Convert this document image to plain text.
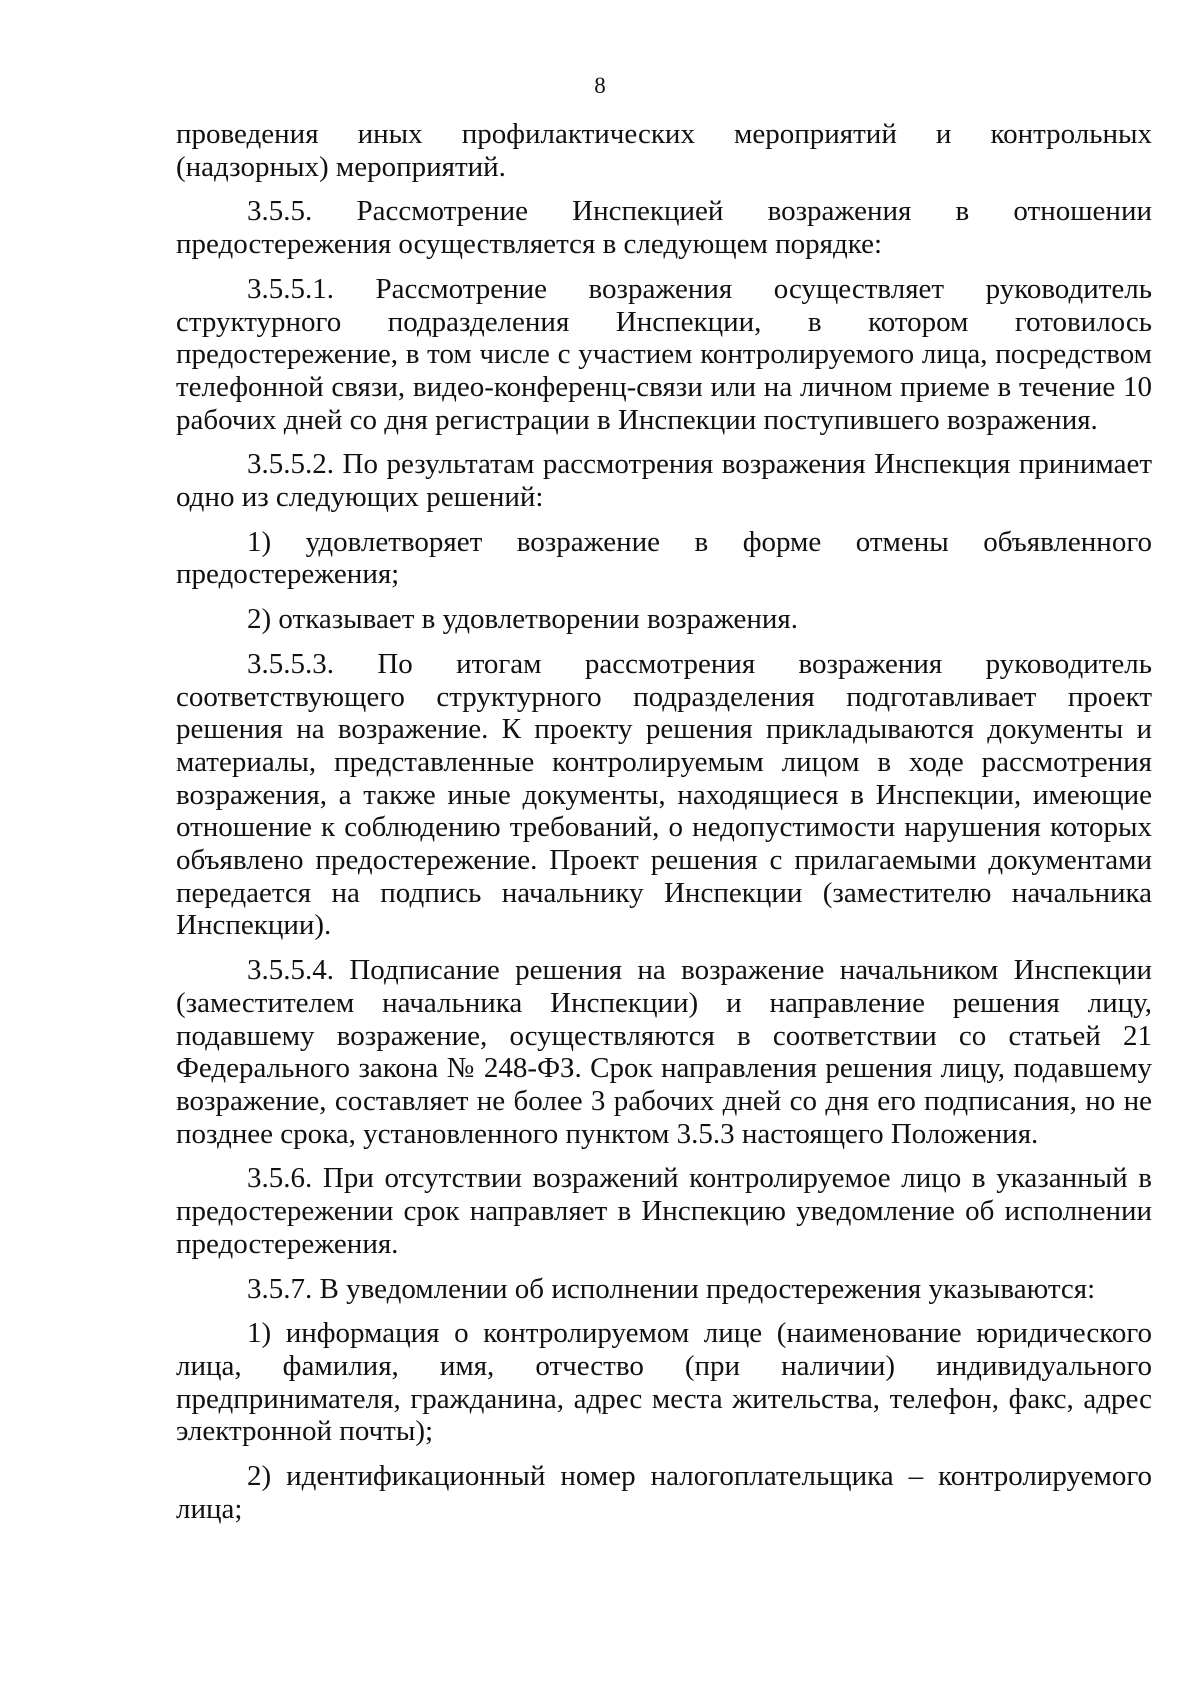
8

проведения иных профилактических мероприятий и контрольных (надзорных) мероприятий.

3.5.5. Рассмотрение Инспекцией возражения в отношении предостережения осуществляется в следующем порядке:

3.5.5.1. Рассмотрение возражения осуществляет руководитель структурного подразделения Инспекции, в котором готовилось предостережение, в том числе с участием контролируемого лица, посредством телефонной связи, видео-конференц-связи или на личном приеме в течение 10 рабочих дней со дня регистрации в Инспекции поступившего возражения.

3.5.5.2. По результатам рассмотрения возражения Инспекция принимает одно из следующих решений:

1) удовлетворяет возражение в форме отмены объявленного предостережения;

2) отказывает в удовлетворении возражения.

3.5.5.3. По итогам рассмотрения возражения руководитель соответствующего структурного подразделения подготавливает проект решения на возражение. К проекту решения прикладываются документы и материалы, представленные контролируемым лицом в ходе рассмотрения возражения, а также иные документы, находящиеся в Инспекции, имеющие отношение к соблюдению требований, о недопустимости нарушения которых объявлено предостережение. Проект решения с прилагаемыми документами передается на подпись начальнику Инспекции (заместителю начальника Инспекции).

3.5.5.4. Подписание решения на возражение начальником Инспекции (заместителем начальника Инспекции) и направление решения лицу, подавшему возражение, осуществляются в соответствии со статьей 21 Федерального закона № 248-ФЗ. Срок направления решения лицу, подавшему возражение, составляет не более 3 рабочих дней со дня его подписания, но не позднее срока, установленного пунктом 3.5.3 настоящего Положения.

3.5.6. При отсутствии возражений контролируемое лицо в указанный в предостережении срок направляет в Инспекцию уведомление об исполнении предостережения.

3.5.7. В уведомлении об исполнении предостережения указываются:

1) информация о контролируемом лице (наименование юридического лица, фамилия, имя, отчество (при наличии) индивидуального предпринимателя, гражданина, адрес места жительства, телефон, факс, адрес электронной почты);

2) идентификационный номер налогоплательщика – контролируемого лица;
